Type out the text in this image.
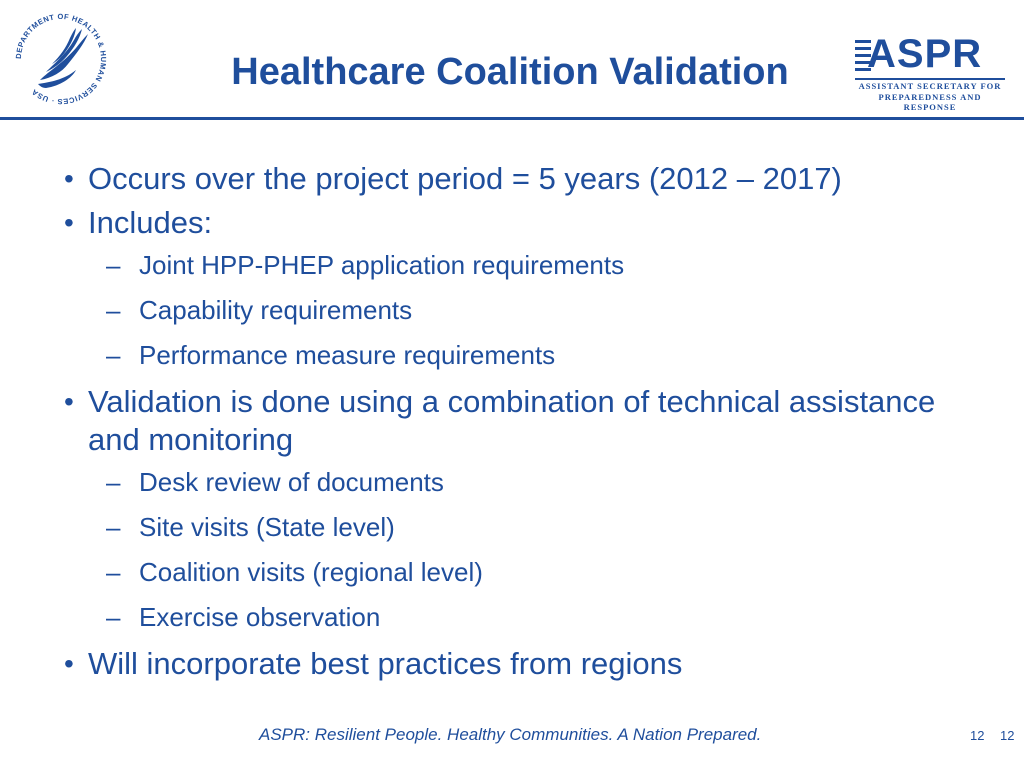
DEPARTMENT OF HEALTH & HUMAN SERVICES · USA	Healthcare Coalition Validation	ASPR
ASSISTANT SECRETARY FOR
PREPAREDNESS AND RESPONSE
• Occurs over the project period = 5 years (2012 – 2017)
• Includes:
– Joint HPP-PHEP application requirements
– Capability requirements
– Performance measure requirements
• Validation is done using a combination of technical assistance and monitoring
– Desk review of documents
– Site visits (State level)
– Coalition visits (regional level)
– Exercise observation
• Will incorporate best practices from regions
ASPR: Resilient People. Healthy Communities. A Nation Prepared.	12 12
